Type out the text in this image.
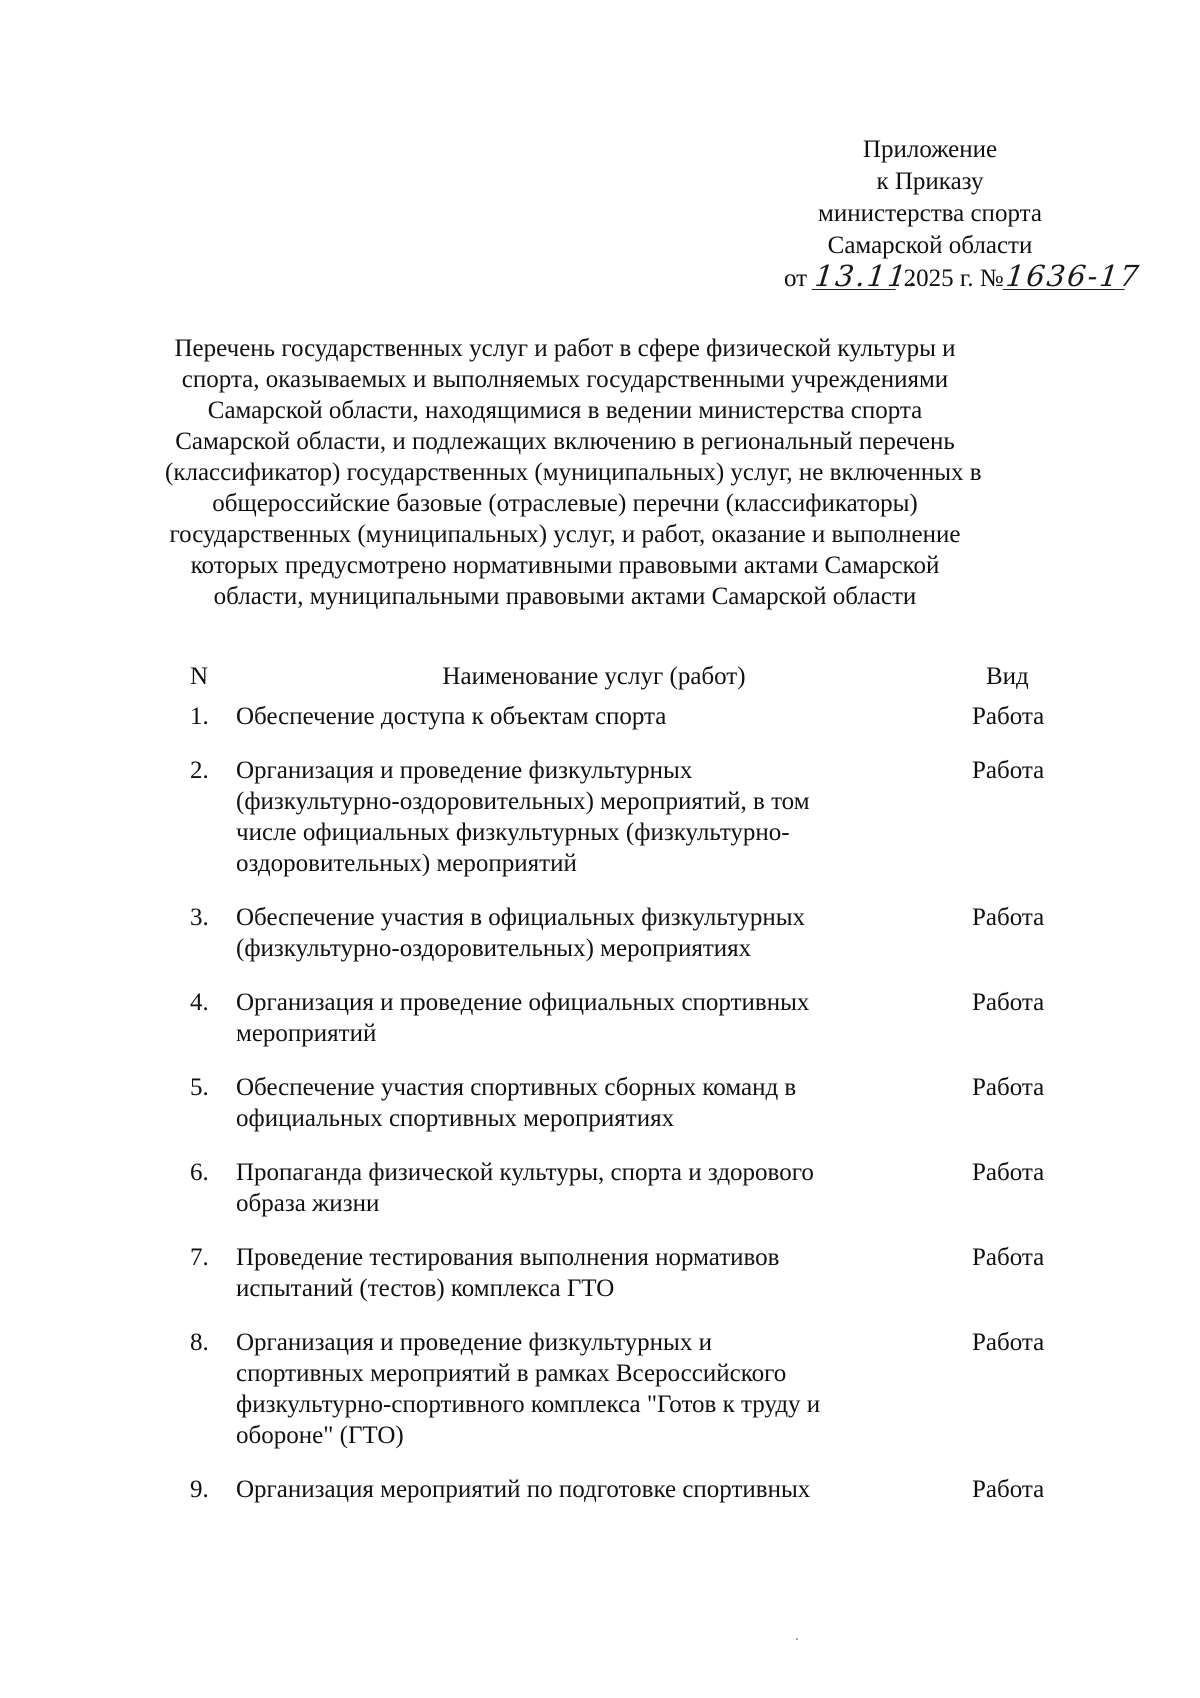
Приложение
к Приказу
министерства спорта
Самарской области
от 13.11. 2025 г. №1636-17
Перечень государственных услуг и работ в сфере физической культуры и
спорта, оказываемых и выполняемых государственными учреждениями
Самарской области, находящимися в ведении министерства спорта
Самарской области, и подлежащих включению в региональный перечень
(классификатор) государственных (муниципальных) услуг, не включенных в
общероссийские базовые (отраслевые) перечни (классификаторы)
государственных (муниципальных) услуг, и работ, оказание и выполнение
которых предусмотрено нормативными правовыми актами Самарской
области, муниципальными правовыми актами Самарской области
N	Наименование услуг (работ)	Вид
1.	Обеспечение доступа к объектам спорта	Работа
2.	Организация и проведение физкультурных
(физкультурно-оздоровительных) мероприятий, в том
числе официальных физкультурных (физкультурно-
оздоровительных) мероприятий
Работа
3.	Обеспечение участия в официальных физкультурных
(физкультурно-оздоровительных) мероприятиях
Работа
4.	Организация и проведение официальных спортивных
мероприятий
Работа
5.	Обеспечение участия спортивных сборных команд в
официальных спортивных мероприятиях
Работа
6.	Пропаганда физической культуры, спорта и здорового
образа жизни
Работа
7.	Проведение тестирования выполнения нормативов
испытаний (тестов) комплекса ГТО
Работа
8.	Организация и проведение физкультурных и
спортивных мероприятий в рамках Всероссийского
физкультурно-спортивного комплекса "Готов к труду и
обороне" (ГТО)
Работа
9.	Организация мероприятий по подготовке спортивных	Работа
